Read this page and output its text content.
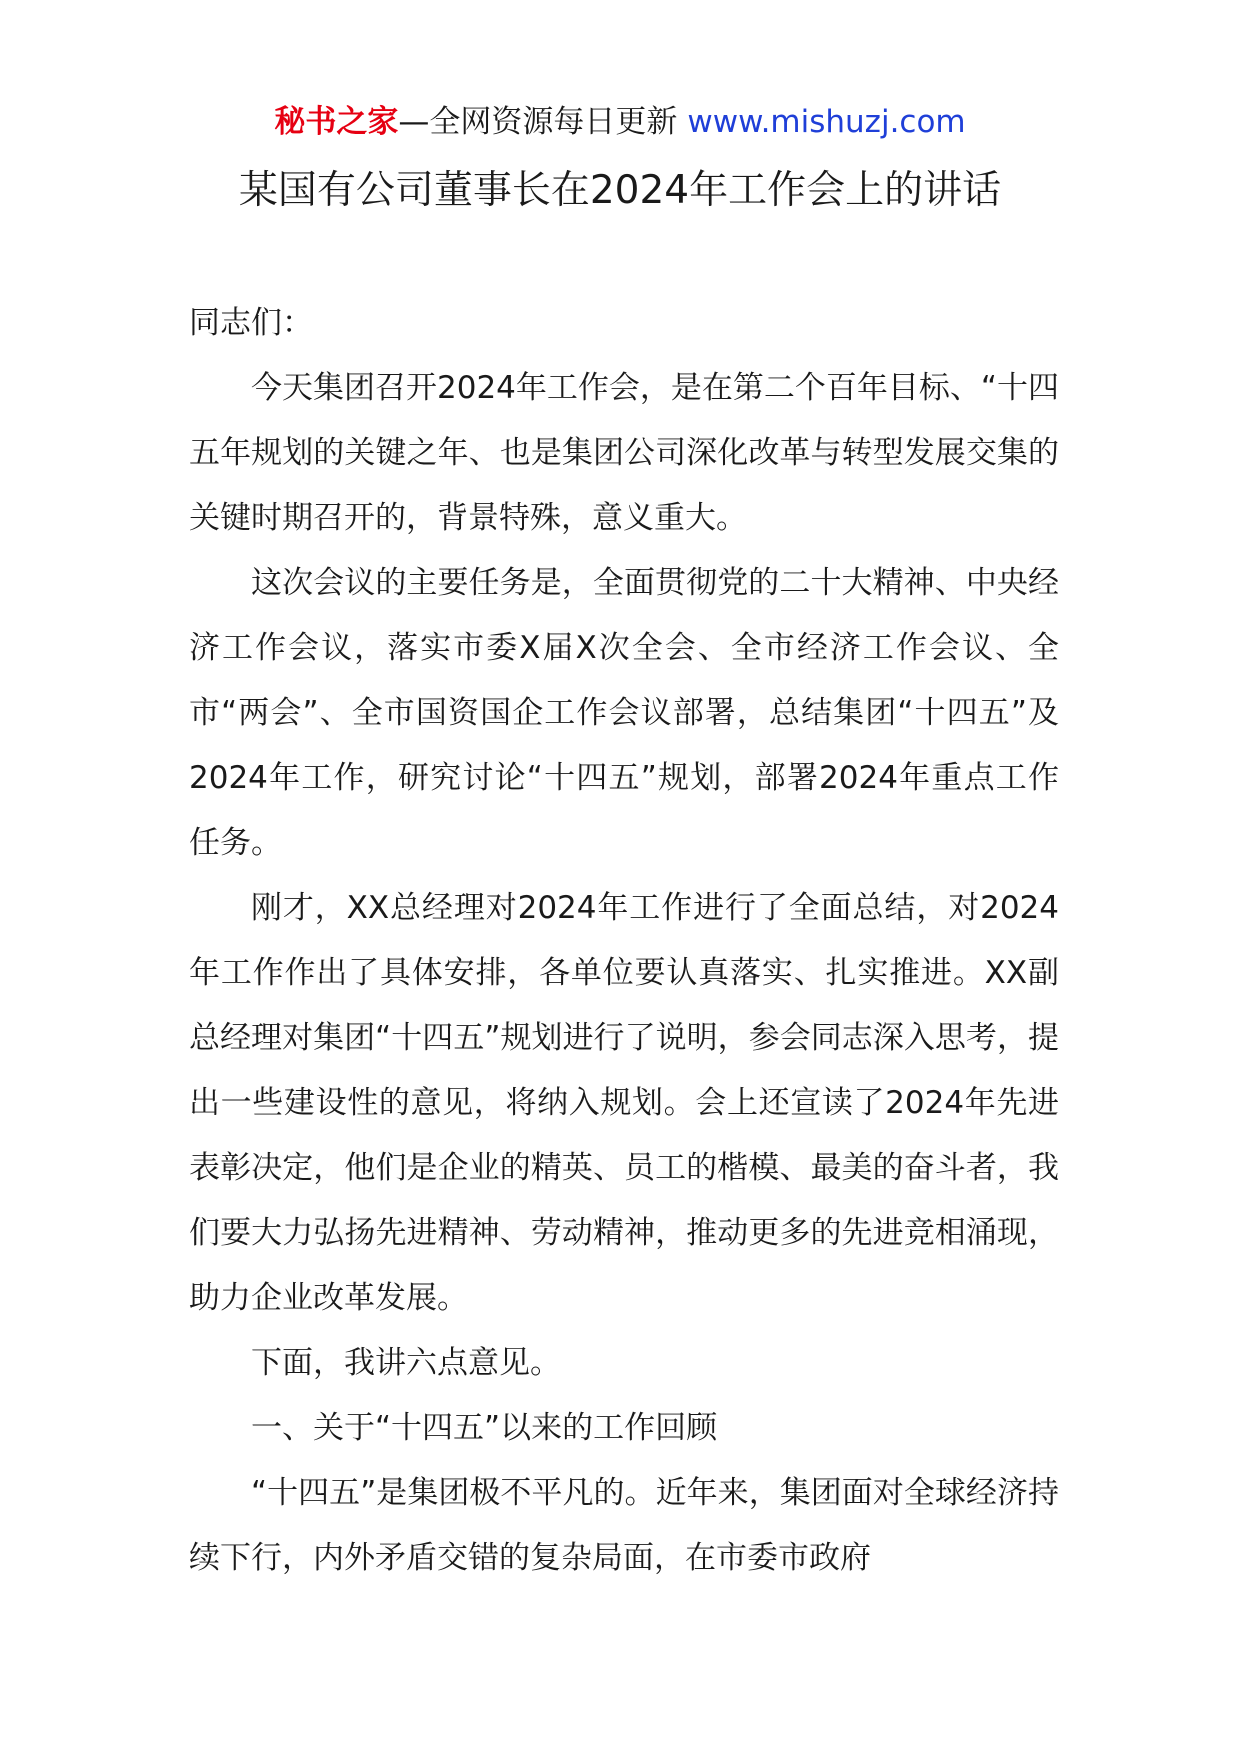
秘书之家—全网资源每日更新 www.mishuzj.com
某国有公司董事长在2024年工作会上的讲话

同志们：

今天集团召开2024年工作会，是在第二个百年目标、“十四五年规划的关键之年、也是集团公司深化改革与转型发展交集的关键时期召开的，背景特殊，意义重大。

这次会议的主要任务是，全面贯彻党的二十大精神、中央经济工作会议，落实市委X届X次全会、全市经济工作会议、全市“两会”、全市国资国企工作会议部署，总结集团“十四五”及2024年工作，研究讨论“十四五”规划，部署2024年重点工作任务。

刚才，XX总经理对2024年工作进行了全面总结，对2024年工作作出了具体安排，各单位要认真落实、扎实推进。XX副总经理对集团“十四五”规划进行了说明，参会同志深入思考，提出一些建设性的意见，将纳入规划。会上还宣读了2024年先进表彰决定，他们是企业的精英、员工的楷模、最美的奋斗者，我们要大力弘扬先进精神、劳动精神，推动更多的先进竞相涌现，助力企业改革发展。

下面，我讲六点意见。

一、关于“十四五”以来的工作回顾

“十四五”是集团极不平凡的。近年来，集团面对全球经济持续下行，内外矛盾交错的复杂局面，在市委市政府
